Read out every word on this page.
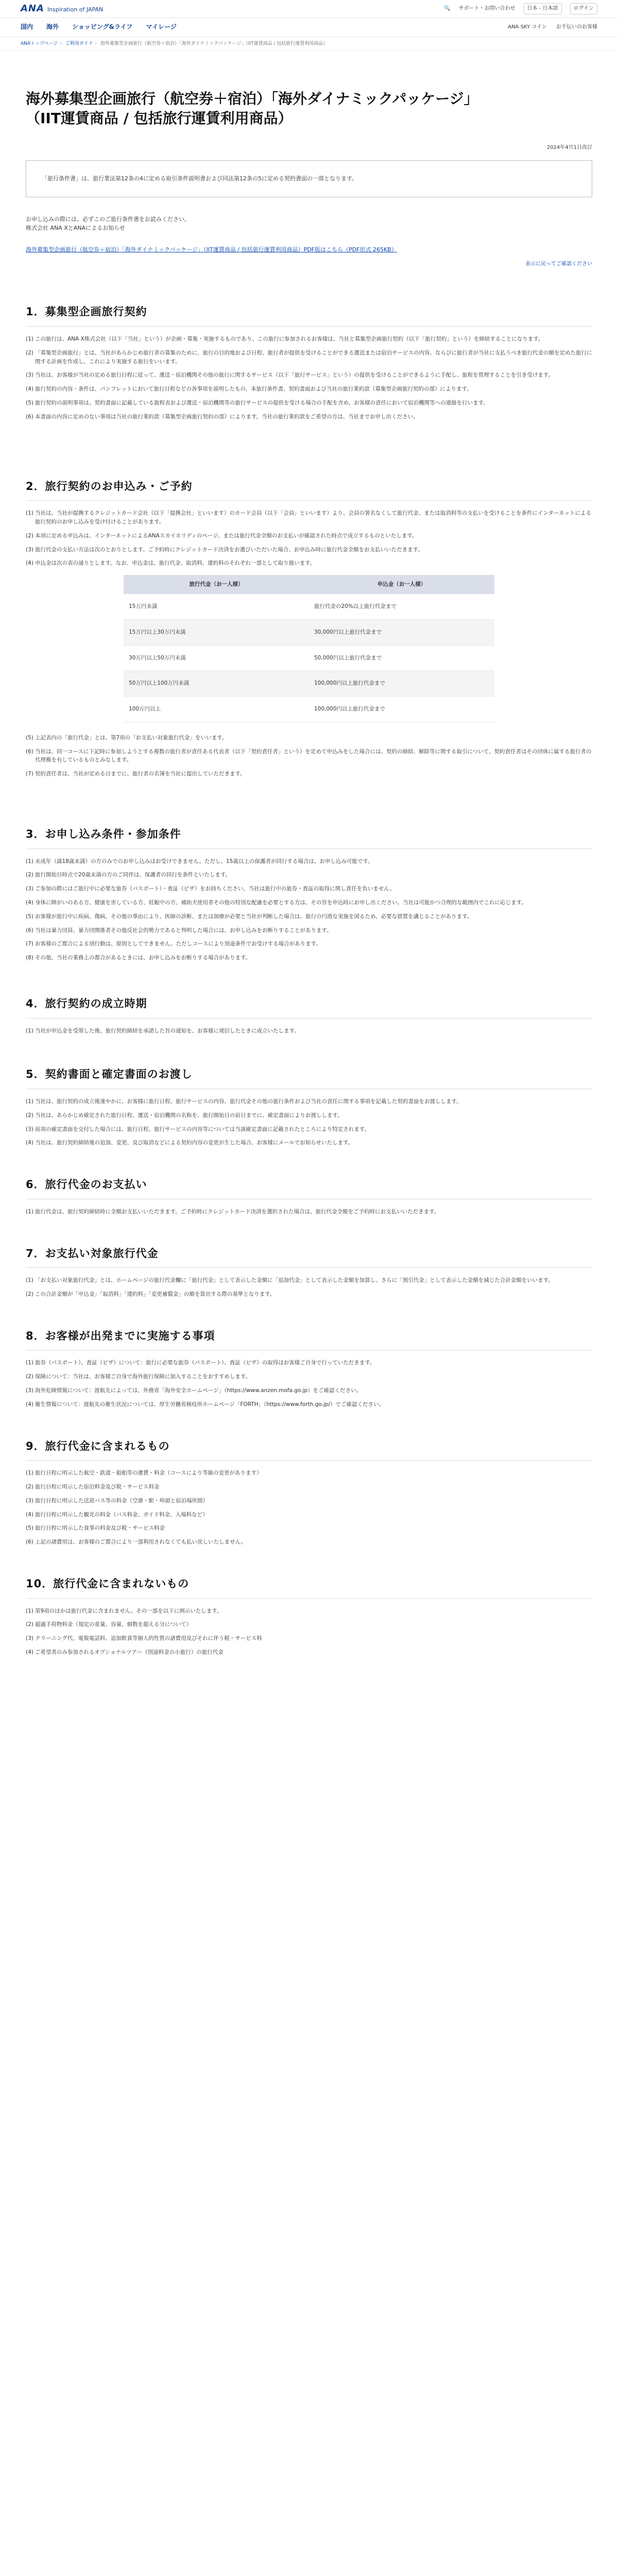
ANA Inspiration of JAPAN	🔍 サポート・お問い合わせ	日本 - 日本語	ログイン
国内 海外 ショッピング&ライフ マイレージ	ANA SKY コイン お手伝いのお客様
ANAトップページ › ご利用ガイド › 海外募集型企画旅行（航空券＋宿泊）「海外ダイナミックパッケージ」（IIT運賃商品 / 包括旅行運賃利用商品）
海外募集型企画旅行（航空券＋宿泊）「海外ダイナミックパッケージ」
（IIT運賃商品 / 包括旅行運賃利用商品）
2024年4月1日改訂
「旅行条件書」は、旅行業法第12条の4に定める取引条件説明書および同法第12条の5に定める契約書面の一部となります。
お申し込みの際には、必ずこのご旅行条件書をお読みください。
株式会社 ANA XとANAによるお知らせ
海外募集型企画旅行（航空券＋宿泊）「海外ダイナミックパッケージ」（IIT運賃商品 / 包括旅行運賃利用商品）PDF版はこちら（PDF形式 265KB）
表示に戻ってご確認ください
1．募集型企画旅行契約
(1) この旅行は、ANA X株式会社（以下「当社」という）が企画・募集・実施するものであり、この旅行に参加されるお客様は、当社と募集型企画旅行契約（以下「旅行契約」という）を締結することになります。
(2) 「募集型企画旅行」とは、当社があらかじめ旅行者の募集のために、旅行の目的地および日程、旅行者が提供を受けることができる運送または宿泊サービスの内容、ならびに旅行者が当社に支払うべき旅行代金の額を定めた旅行に関する計画を作成し、これにより実施する旅行をいいます。
(3) 当社は、お客様が当社の定める旅行日程に従って、運送・宿泊機関その他の旅行に関するサービス（以下「旅行サービス」という）の提供を受けることができるように手配し、旅程を管理することを引き受けます。
(4) 旅行契約の内容・条件は、パンフレットにおいて旅行日程などの各事項を説明したもの、本旅行条件書、契約書面および当社の旅行業約款（募集型企画旅行契約の部）によります。
(5) 旅行契約の説明事項は、契約書面に記載している旅程表および運送・宿泊機関等の旅行サービスの提供を受ける場合の手配を含め、お客様の責任において宿泊機関等への連絡を行います。
(6) 本書面の内容に定めのない事項は当社の旅行業約款（募集型企画旅行契約の部）によります。当社の旅行業約款をご希望の方は、当社までお申し出ください。
2．旅行契約のお申込み・ご予約
(1) 当社は、当社が提携するクレジットカード会社（以下「提携会社」といいます）のカード会員（以下「会員」といいます）より、会員の署名なくして旅行代金、または取消料等の支払いを受けることを条件にインターネットによる旅行契約のお申し込みを受け付けることがあります。
(2) 本項に定める申込みは、インターネットによるANAスカイホリディのページ、または旅行代金全額のお支払いが確認された時点で成立するものといたします。
(3) 旅行代金の支払い方法は次のとおりとします。ご予約時にクレジットカード決済をお選びいただいた場合、お申込み時に旅行代金全額をお支払いいただきます。
(4) 申込金は次の表の通りとします。なお、申込金は、旅行代金、取消料、違約料のそれぞれ一部として取り扱います。
旅行代金（お一人様）	申込金（お一人様）
15万円未満	旅行代金の20%以上旅行代金まで
15万円以上30万円未満	30,000円以上旅行代金まで
30万円以上50万円未満	50,000円以上旅行代金まで
50万円以上100万円未満	100,000円以上旅行代金まで
100万円以上	100,000円以上旅行代金まで
(5) 上記表内の「旅行代金」とは、第7項の「お支払い対象旅行代金」をいいます。
(6) 当社は、同一コースに下記時に参加しようとする複数の旅行者が責任ある代表者（以下「契約責任者」という）を定めて申込みをした場合には、契約の締結、解除等に関する取引について、契約責任者はその団体に属する旅行者の代理権を有しているものとみなします。
(7) 契約責任者は、当社が定める日までに、旅行者の名簿を当社に提出していただきます。
3．お申し込み条件・参加条件
(1) 未成年（満18歳未満）の方のみでのお申し込みはお受けできません。ただし、15歳以上の保護者が同行する場合は、お申し込み可能です。
(2) 旅行開始日時点で20歳未満の方のご同伴は、保護者の同行を条件といたします。
(3) ご参加の際にはご旅行中に必要な旅券（パスポート）・査証（ビザ）をお持ちください。当社は旅行中の旅券・査証の取得に関し責任を負いません。
(4) 身体に障がいのある方、健康を害している方、妊娠中の方、補助犬使用者その他の特別な配慮を必要とする方は、その旨を申込時にお申し出ください。当社は可能かつ合理的な範囲内でこれに応じます。
(5) お客様が旅行中に疾病、傷病、その他の事由により、医師の診断、または加療が必要と当社が判断した場合は、旅行の円滑な実施を図るため、必要な措置を講じることがあります。
(6) 当社は暴力団員、暴力団関係者その他反社会的勢力であると判明した場合には、お申し込みをお断りすることがあります。
(7) お客様のご都合による別行動は、原則としてできません。ただしコースにより別途条件でお受けする場合があります。
(8) その他、当社の業務上の都合があるときには、お申し込みをお断りする場合があります。
4．旅行契約の成立時期
(1) 当社が申込金を受領した後、旅行契約締結を承諾した旨の通知を、お客様に発信したときに成立いたします。
5．契約書面と確定書面のお渡し
(1) 当社は、旅行契約の成立後速やかに、お客様に旅行日程、旅行サービスの内容、旅行代金その他の旅行条件および当社の責任に関する事項を記載した契約書面をお渡しします。
(2) 当社は、あらかじめ確定された旅行日程、運送・宿泊機関の名称を、旅行開始日の前日までに、確定書面によりお渡しします。
(3) 前項の確定書面を交付した場合には、旅行日程、旅行サービスの内容等については当該確定書面に記載されたところにより特定されます。
(4) 当社は、旅行契約締結後の追加、変更、及び取消などによる契約内容の変更が生じた場合、お客様にメールでお知らせいたします。
6．旅行代金のお支払い
(1) 旅行代金は、旅行契約締結時に全額お支払いいただきます。ご予約時にクレジットカード決済を選択された場合は、旅行代金全額をご予約時にお支払いいただきます。
7．お支払い対象旅行代金
(1) 「お支払い対象旅行代金」とは、ホームページの旅行代金欄に「旅行代金」として表示した金額に「追加代金」として表示した金額を加算し、さらに「割引代金」として表示した金額を減じた合計金額をいいます。
(2) この合計金額が「申込金」「取消料」「違約料」「変更補償金」の額を算出する際の基準となります。
8．お客様が出発までに実施する事項
(1) 旅券（パスポート）、査証（ビザ）について：旅行に必要な旅券（パスポート）、査証（ビザ）の取得はお客様ご自身で行っていただきます。
(2) 保険について：当社は、お客様ご自身で海外旅行保険に加入することをおすすめします。
(3) 海外危険情報について：渡航先によっては、外務省「海外安全ホームページ」（https://www.anzen.mofa.go.jp）をご確認ください。
(4) 衛生情報について：渡航先の衛生状況については、厚生労働省検疫所ホームページ「FORTH」（https://www.forth.go.jp/）でご確認ください。
9．旅行代金に含まれるもの
(1) 旅行日程に明示した航空・鉄道・船舶等の運賃・料金（コースにより等級の変更があります）
(2) 旅行日程に明示した宿泊料金及び税・サービス料金
(3) 旅行日程に明示した送迎バス等の料金（空港・駅・埠頭と宿泊場所間）
(4) 旅行日程に明示した観光の料金（バス料金、ガイド料金、入場料など）
(5) 旅行日程に明示した食事の料金及び税・サービス料金
(6) 上記の諸費用は、お客様のご都合により一部利用されなくても払い戻しいたしません。
10．旅行代金に含まれないもの
(1) 第9項のほかは旅行代金に含まれません。その一部を以下に例示いたします。
(2) 超過手荷物料金（規定の重量、容量、個数を超える分について）
(3) クリーニング代、電報電話料、追加飲食等個人的性質の諸費用及びそれに伴う税・サービス料
(4) ご希望者のみ参加されるオプショナルツアー（別途料金の小旅行）の旅行代金
